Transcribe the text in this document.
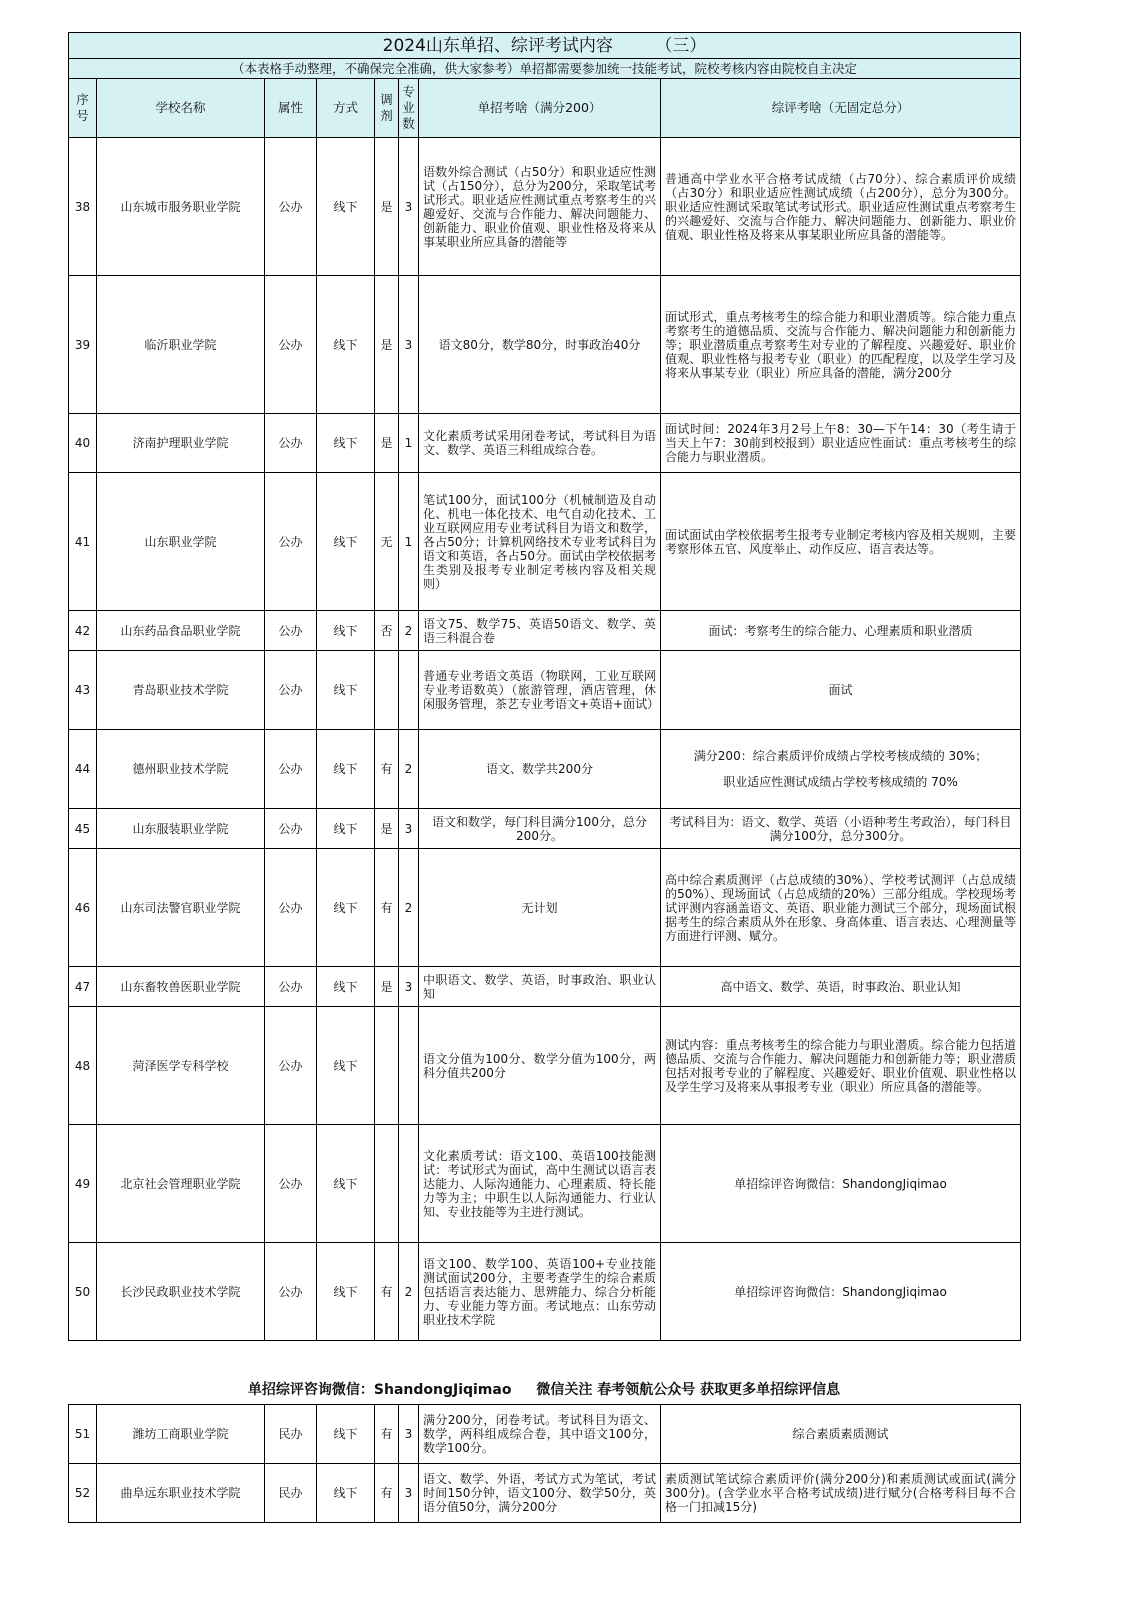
2024山东单招、综评考试内容　　　（三）							
（本表格手动整理，不确保完全准确，供大家参考）单招都需要参加统一技能考试，院校考核内容由院校自主决定							
序号	学校名称	属性	方式	调剂	专业数	单招考啥（满分200）	综评考啥（无固定总分）
38	山东城市服务职业学院	公办	线下	是	3	语数外综合测试（占50分）和职业适应性测试（占150分），总分为200分，采取笔试考试形式。职业适应性测试重点考察考生的兴趣爱好、交流与合作能力、解决问题能力、创新能力、职业价值观、职业性格及将来从事某职业所应具备的潜能等	普通高中学业水平合格考试成绩（占70分）、综合素质评价成绩（占30分）和职业适应性测试成绩（占200分），总分为300分。职业适应性测试采取笔试考试形式。职业适应性测试重点考察考生的兴趣爱好、交流与合作能力、解决问题能力、创新能力、职业价值观、职业性格及将来从事某职业所应具备的潜能等。
39	临沂职业学院	公办	线下	是	3	语文80分，数学80分，时事政治40分	面试形式，重点考核考生的综合能力和职业潜质等。综合能力重点考察考生的道德品质、交流与合作能力、解决问题能力和创新能力等；职业潜质重点考察考生对专业的了解程度、兴趣爱好、职业价值观、职业性格与报考专业（职业）的匹配程度，以及学生学习及将来从事某专业（职业）所应具备的潜能，满分200分
40	济南护理职业学院	公办	线下	是	1	文化素质考试采用闭卷考试，考试科目为语文、数学、英语三科组成综合卷。	面试时间：2024年3月2号上午8：30—下午14：30（考生请于当天上午7：30前到校报到）职业适应性面试：重点考核考生的综合能力与职业潜质。
41	山东职业学院	公办	线下	无	1	笔试100分，面试100分（机械制造及自动化、机电一体化技术、电气自动化技术、工业互联网应用专业考试科目为语文和数学，各占50分；计算机网络技术专业考试科目为语文和英语，各占50分。面试由学校依据考生类别及报考专业制定考核内容及相关规则）	面试面试由学校依据考生报考专业制定考核内容及相关规则，主要考察形体五官、风度举止、动作反应、语言表达等。
42	山东药品食品职业学院	公办	线下	否	2	语文75、数学75、英语50语文、数学、英语三科混合卷	面试：考察考生的综合能力、心理素质和职业潜质
43	青岛职业技术学院	公办	线下			普通专业考语文英语（物联网，工业互联网专业考语数英）（旅游管理，酒店管理，休闲服务管理，茶艺专业考语文+英语+面试）	面试
44	德州职业技术学院	公办	线下	有	2	语文、数学共200分	满分200：综合素质评价成绩占学校考核成绩的 30%；
职业适应性测试成绩占学校考核成绩的 70%

45	山东服装职业学院	公办	线下	是	3	语文和数学，每门科目满分100分，总分200分。	考试科目为：语文、数学、英语（小语种考生考政治），每门科目满分100分，总分300分。
46	山东司法警官职业学院	公办	线下	有	2	无计划	高中综合素质测评（占总成绩的30%）、学校考试测评（占总成绩的50%）、现场面试（占总成绩的20%）三部分组成。学校现场考试评测内容涵盖语文、英语、职业能力测试三个部分，现场面试根据考生的综合素质从外在形象、身高体重、语言表达、心理测量等方面进行评测、赋分。
47	山东畜牧兽医职业学院	公办	线下	是	3	中职语文、数学、英语，时事政治、职业认知	高中语文、数学、英语，时事政治、职业认知
48	菏泽医学专科学校	公办	线下			语文分值为100分、数学分值为100分，两科分值共200分	测试内容：重点考核考生的综合能力与职业潜质。综合能力包括道德品质、交流与合作能力、解决问题能力和创新能力等；职业潜质包括对报考专业的了解程度、兴趣爱好、职业价值观、职业性格以及学生学习及将来从事报考专业（职业）所应具备的潜能等。
49	北京社会管理职业学院	公办	线下			文化素质考试：语文100、英语100技能测试：考试形式为面试，高中生测试以语言表达能力、人际沟通能力、心理素质、特长能力等为主；中职生以人际沟通能力、行业认知、专业技能等为主进行测试。	单招综评咨询微信：ShandongJiqimao
50	长沙民政职业技术学院	公办	线下	有	2	语文100、数学100、英语100+专业技能测试面试200分，主要考查学生的综合素质包括语言表达能力、思辨能力、综合分析能力、专业能力等方面。考试地点：山东劳动职业技术学院	单招综评咨询微信：ShandongJiqimao
单招综评咨询微信：ShandongJiqimao 微信关注 春考领航公众号 获取更多单招综评信息
51	潍坊工商职业学院	民办	线下	有	3	满分200分，闭卷考试。考试科目为语文、数学，两科组成综合卷，其中语文100分，数学100分。	综合素质素质测试
52	曲阜远东职业技术学院	民办	线下	有	3	语文、数学、外语，考试方式为笔试，考试时间150分钟，语文100分、数学50分，英语分值50分，满分200分	素质测试笔试综合素质评价(满分200分)和素质测试或面试(满分300分)。(含学业水平合格考试成绩)进行赋分(合格考科目每不合格一门扣减15分)
